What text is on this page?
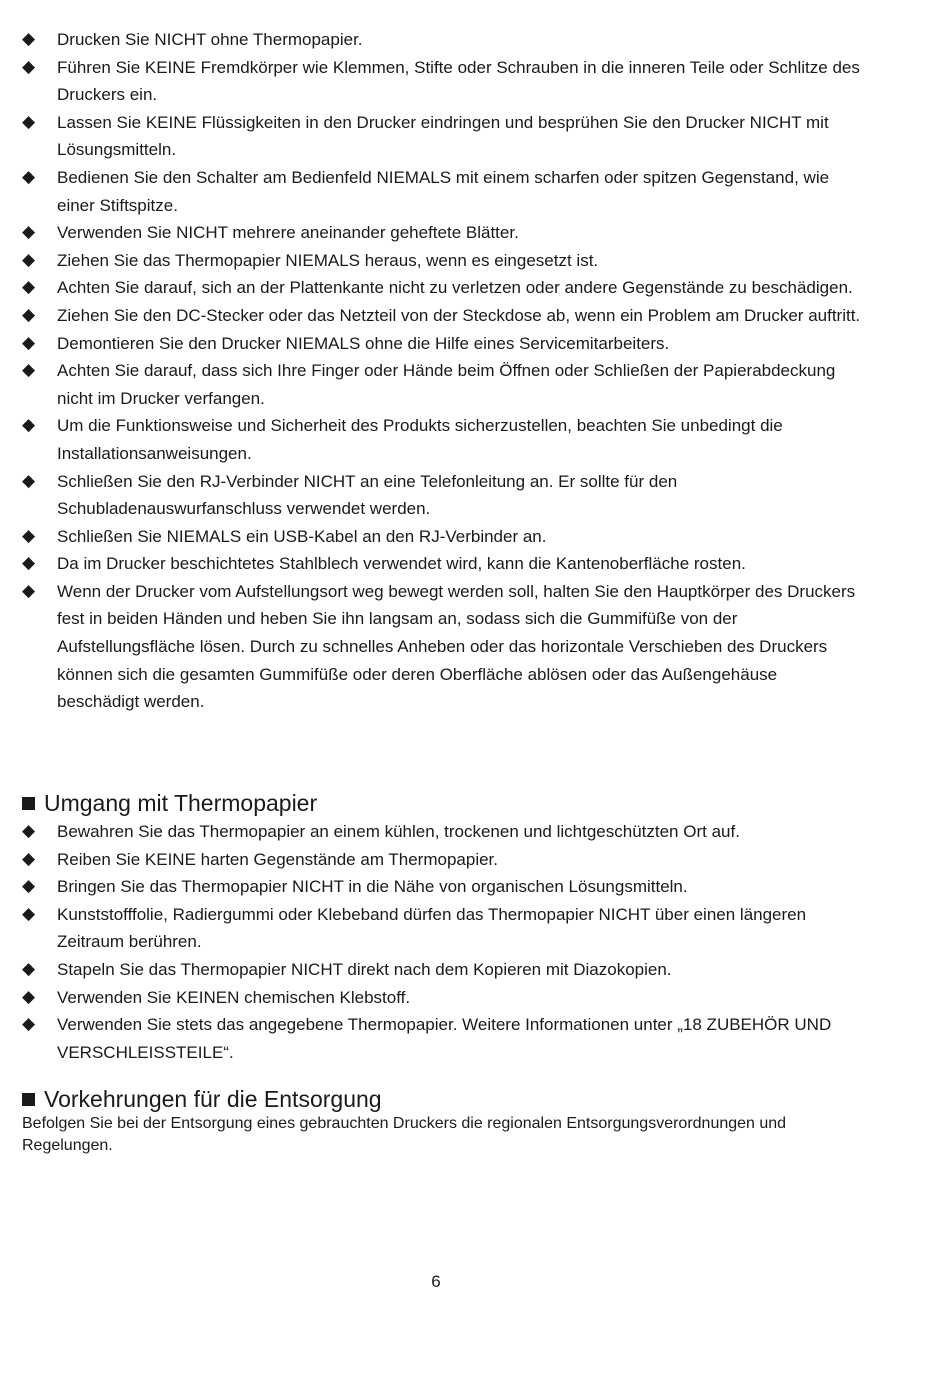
◆ Drucken Sie NICHT ohne Thermopapier.
◆ Führen Sie KEINE Fremdkörper wie Klemmen, Stifte oder Schrauben in die inneren Teile oder Schlitze des Druckers ein.
◆ Lassen Sie KEINE Flüssigkeiten in den Drucker eindringen und besprühen Sie den Drucker NICHT mit Lösungsmitteln.
◆ Bedienen Sie den Schalter am Bedienfeld NIEMALS mit einem scharfen oder spitzen Gegenstand, wie einer Stiftspitze.
◆ Verwenden Sie NICHT mehrere aneinander geheftete Blätter.
◆ Ziehen Sie das Thermopapier NIEMALS heraus, wenn es eingesetzt ist.
◆ Achten Sie darauf, sich an der Plattenkante nicht zu verletzen oder andere Gegenstände zu beschädigen.
◆ Ziehen Sie den DC-Stecker oder das Netzteil von der Steckdose ab, wenn ein Problem am Drucker auftritt.
◆ Demontieren Sie den Drucker NIEMALS ohne die Hilfe eines Servicemitarbeiters.
◆ Achten Sie darauf, dass sich Ihre Finger oder Hände beim Öffnen oder Schließen der Papierabdeckung nicht im Drucker verfangen.
◆ Um die Funktionsweise und Sicherheit des Produkts sicherzustellen, beachten Sie unbedingt die Installationsanweisungen.
◆ Schließen Sie den RJ-Verbinder NICHT an eine Telefonleitung an. Er sollte für den Schubladenauswurfanschluss verwendet werden.
◆ Schließen Sie NIEMALS ein USB-Kabel an den RJ-Verbinder an.
◆ Da im Drucker beschichtetes Stahlblech verwendet wird, kann die Kantenoberfläche rosten.
◆ Wenn der Drucker vom Aufstellungsort weg bewegt werden soll, halten Sie den Hauptkörper des Druckers fest in beiden Händen und heben Sie ihn langsam an, sodass sich die Gummifüße von der Aufstellungsfläche lösen. Durch zu schnelles Anheben oder das horizontale Verschieben des Druckers können sich die gesamten Gummifüße oder deren Oberfläche ablösen oder das Außengehäuse beschädigt werden.
Umgang mit Thermopapier
◆ Bewahren Sie das Thermopapier an einem kühlen, trockenen und lichtgeschützten Ort auf.
◆ Reiben Sie KEINE harten Gegenstände am Thermopapier.
◆ Bringen Sie das Thermopapier NICHT in die Nähe von organischen Lösungsmitteln.
◆ Kunststofffolie, Radiergummi oder Klebeband dürfen das Thermopapier NICHT über einen längeren Zeitraum berühren.
◆ Stapeln Sie das Thermopapier NICHT direkt nach dem Kopieren mit Diazokopien.
◆ Verwenden Sie KEINEN chemischen Klebstoff.
◆ Verwenden Sie stets das angegebene Thermopapier. Weitere Informationen unter „18 ZUBEHÖR UND VERSCHLEISSTEILE“.
Vorkehrungen für die Entsorgung

Befolgen Sie bei der Entsorgung eines gebrauchten Druckers die regionalen Entsorgungsverordnungen und Regelungen.

6
